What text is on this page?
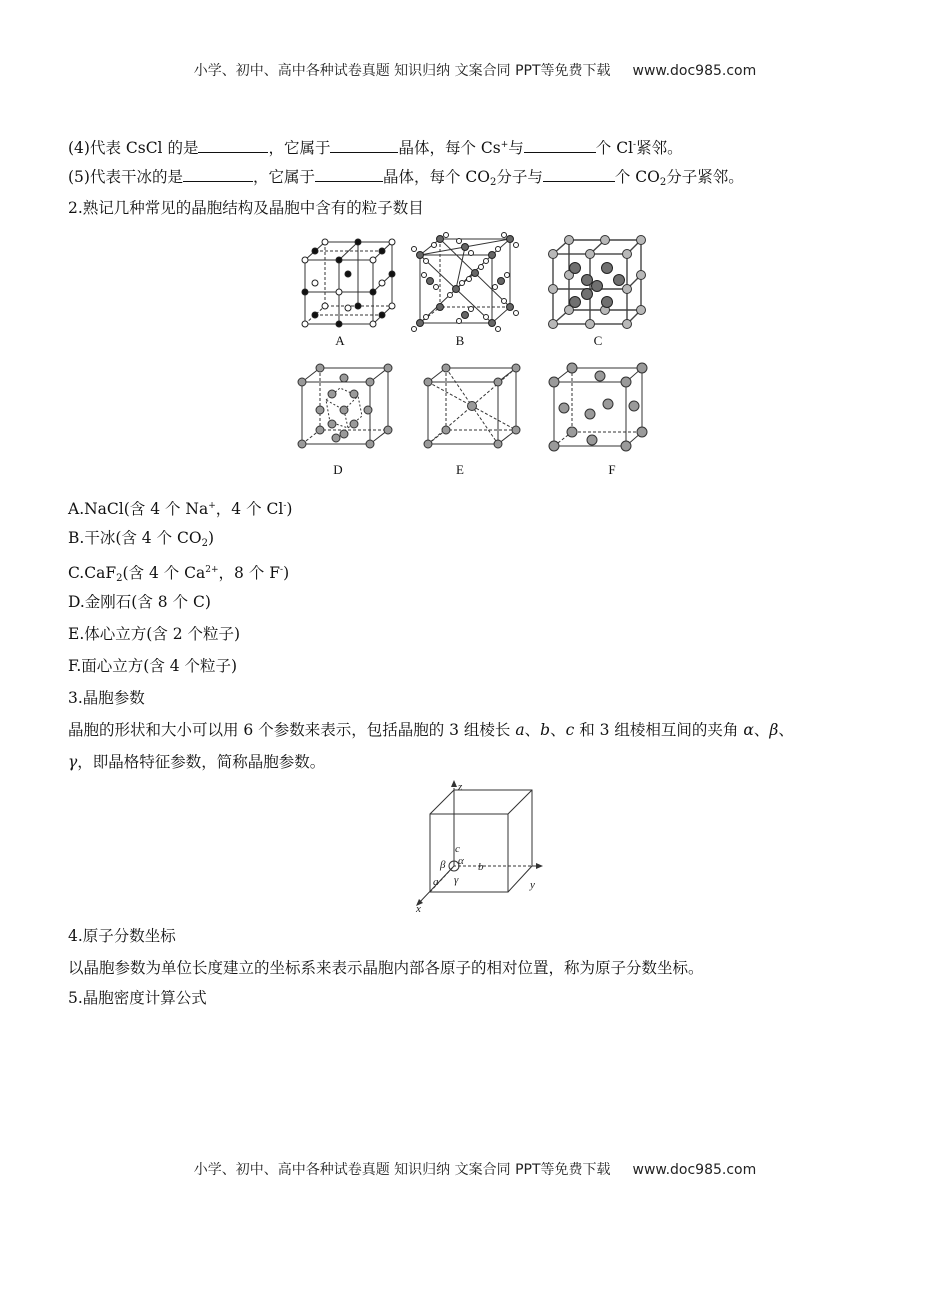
小学、初中、高中各种试卷真题 知识归纳 文案合同 PPT等免费下载 www.doc985.com
(4)代表 CsCl 的是	，它属于	晶体，每个 Cs+与	个 Cl-紧邻。
(5)代表干冰的是	，它属于	晶体，每个 $CO_2$分子与	个 $CO_2$分子紧邻。
2.熟记几种常见的晶胞结构及晶胞中含有的粒子数目
A	B	C
D	E	F
A.NaCl(含 4 个 Na+，4 个 Cl-)
B.干冰(含 4 个 $CO_2$)
C.CaF$_2$(含 4 个 $Ca^{2+}$，8 个 F-)
D.金刚石(含 8 个 C)
E.体心立方(含 2 个粒子)
F.面心立方(含 4 个粒子)
3.晶胞参数
晶胞的形状和大小可以用 6 个参数来表示，包括晶胞的 3 组棱长 a、b、c 和 3 组棱相互间的夹角 α、β、
γ，即晶格特征参数，简称晶胞参数。
z
y
x
a
b
c
α
β
γ
4.原子分数坐标
以晶胞参数为单位长度建立的坐标系来表示晶胞内部各原子的相对位置，称为原子分数坐标。
5.晶胞密度计算公式
小学、初中、高中各种试卷真题 知识归纳 文案合同 PPT等免费下载 www.doc985.com
